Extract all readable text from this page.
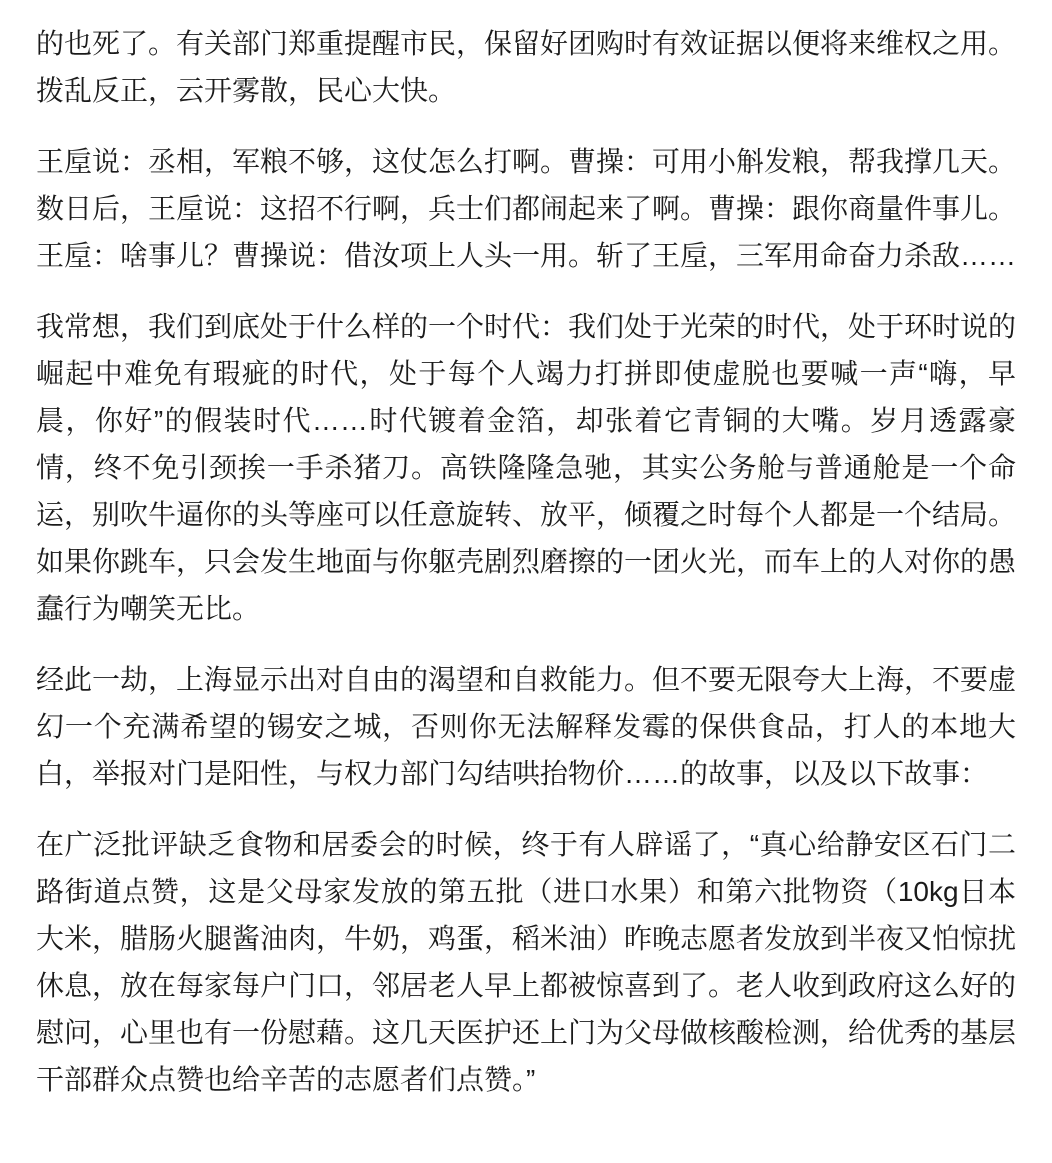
的也死了。有关部门郑重提醒市民，保留好团购时有效证据以便将来维权之用。拨乱反正，云开雾散，民心大快。

王垕说：丞相，军粮不够，这仗怎么打啊。曹操：可用小斛发粮，帮我撑几天。数日后，王垕说：这招不行啊，兵士们都闹起来了啊。曹操：跟你商量件事儿。王垕：啥事儿？曹操说：借汝项上人头一用。斩了王垕，三军用命奋力杀敌……

我常想，我们到底处于什么样的一个时代：我们处于光荣的时代，处于环时说的崛起中难免有瑕疵的时代，处于每个人竭力打拼即使虚脱也要喊一声“嗨，早晨，你好”的假装时代……时代镀着金箔，却张着它青铜的大嘴。岁月透露豪情，终不免引颈挨一手杀猪刀。高铁隆隆急驰，其实公务舱与普通舱是一个命运，别吹牛逼你的头等座可以任意旋转、放平，倾覆之时每个人都是一个结局。如果你跳车，只会发生地面与你躯壳剧烈磨擦的一团火光，而车上的人对你的愚蠢行为嘲笑无比。

经此一劫，上海显示出对自由的渴望和自救能力。但不要无限夸大上海，不要虚幻一个充满希望的锡安之城，否则你无法解释发霉的保供食品，打人的本地大白，举报对门是阳性，与权力部门勾结哄抬物价……的故事，以及以下故事：

在广泛批评缺乏食物和居委会的时候，终于有人辟谣了，“真心给静安区石门二路街道点赞，这是父母家发放的第五批（进口水果）和第六批物资（10kg日本大米，腊肠火腿酱油肉，牛奶，鸡蛋，稻米油）昨晚志愿者发放到半夜又怕惊扰休息，放在每家每户门口，邻居老人早上都被惊喜到了。老人收到政府这么好的慰问，心里也有一份慰藉。这几天医护还上门为父母做核酸检测，给优秀的基层干部群众点赞也给辛苦的志愿者们点赞。”
